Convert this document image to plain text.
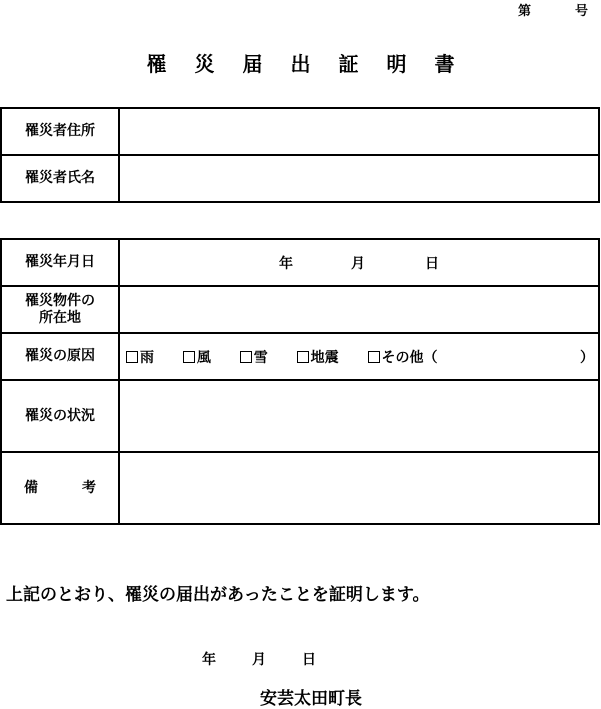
第	号
罹災届出証明書
罹災者住所	
罹災者氏名	
罹災年月日	年 月 日

罹災物件の
所在地	

罹災の原因	雨 風 雪 地震 その他（ ）

罹災の状況	
備 考	
上記のとおり、罹災の届出があったことを証明します。
年	月	日
安芸太田町長
